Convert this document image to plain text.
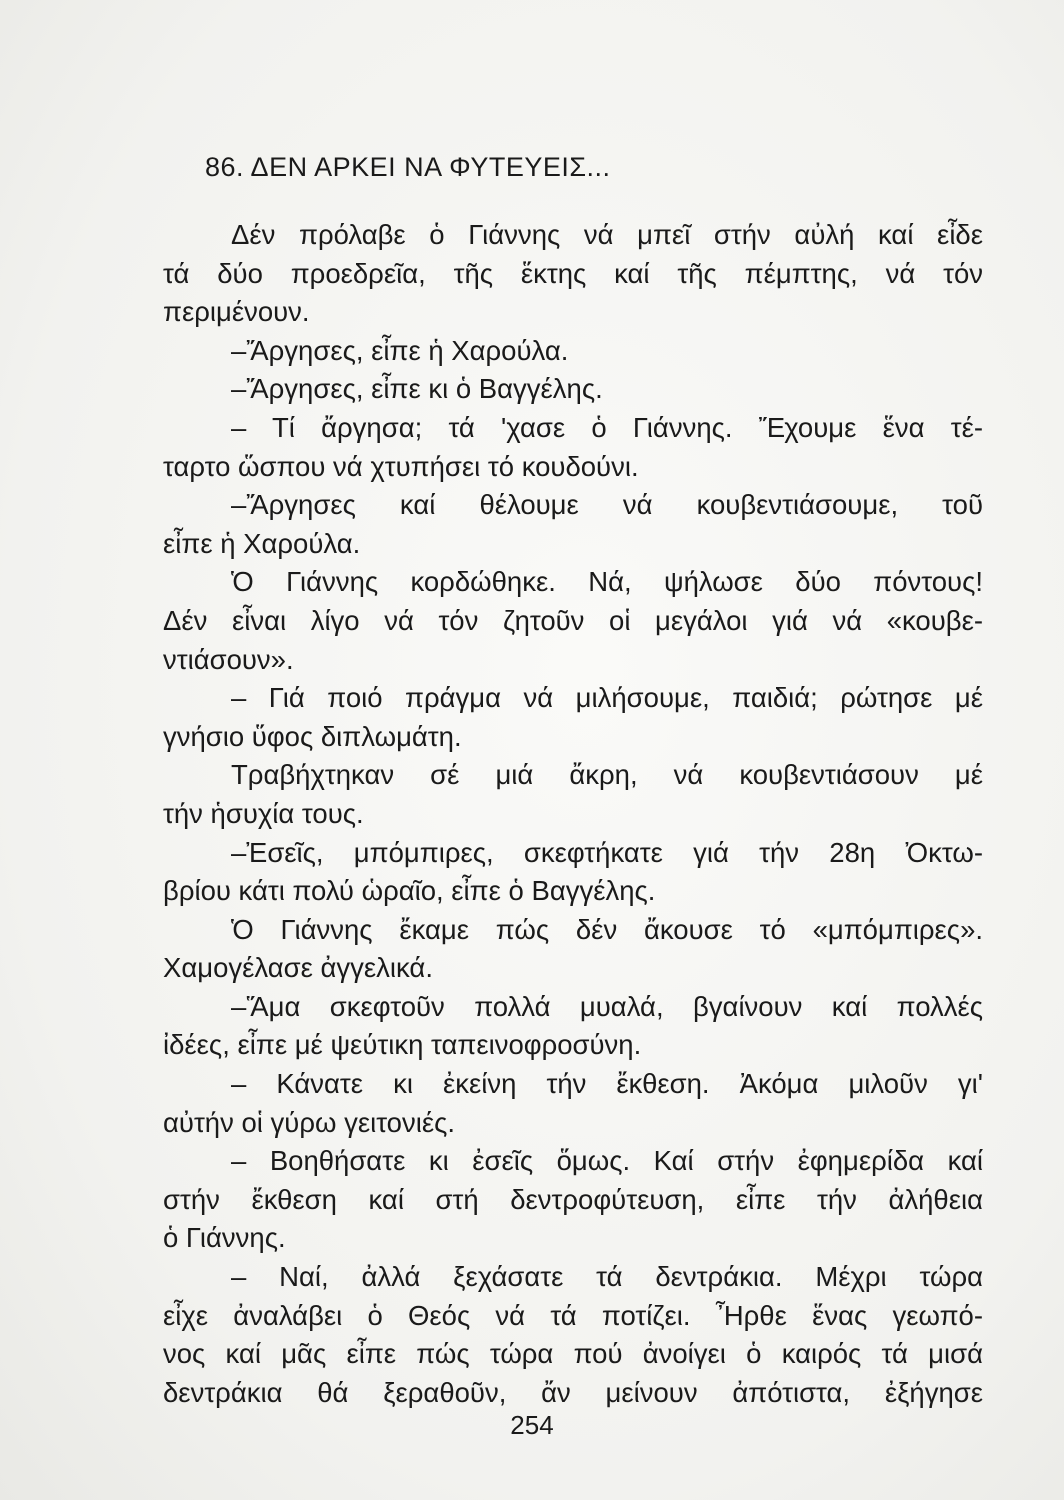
86. ΔΕΝ ΑΡΚΕΙ ΝΑ ΦΥΤΕΥΕΙΣ...
Δέν πρόλαβε ὁ Γιάννης νά μπεῖ στήν αὐλή καί εἶδε
τά δύο προεδρεῖα, τῆς ἕκτης καί τῆς πέμπτης, νά τόν
περιμένουν.
–Ἄργησες, εἶπε ἡ Χαρούλα.
–Ἄργησες, εἶπε κι ὁ Βαγγέλης.
– Τί ἄργησα; τά 'χασε ὁ Γιάννης. Ἔχουμε ἕνα τέ-
ταρτο ὥσπου νά χτυπήσει τό κουδούνι.
–Ἄργησες καί θέλουμε νά κουβεντιάσουμε, τοῦ
εἶπε ἡ Χαρούλα.
Ὁ Γιάννης κορδώθηκε. Νά, ψήλωσε δύο πόντους!
Δέν εἶναι λίγο νά τόν ζητοῦν οἱ μεγάλοι γιά νά «κουβε-
ντιάσουν».
– Γιά ποιό πράγμα νά μιλήσουμε, παιδιά; ρώτησε μέ
γνήσιο ὕφος διπλωμάτη.
Τραβήχτηκαν σέ μιά ἄκρη, νά κουβεντιάσουν μέ
τήν ἡσυχία τους.
–Ἐσεῖς, μπόμπιρες, σκεφτήκατε γιά τήν 28η Ὀκτω-
βρίου κάτι πολύ ὡραῖο, εἶπε ὁ Βαγγέλης.
Ὁ Γιάννης ἔκαμε πώς δέν ἄκουσε τό «μπόμπιρες».
Χαμογέλασε ἀγγελικά.
–Ἅμα σκεφτοῦν πολλά μυαλά, βγαίνουν καί πολλές
ἰδέες, εἶπε μέ ψεύτικη ταπεινοφροσύνη.
– Κάνατε κι ἐκείνη τήν ἔκθεση. Ἀκόμα μιλοῦν γι'
αὐτήν οἱ γύρω γειτονιές.
– Βοηθήσατε κι ἐσεῖς ὅμως. Καί στήν ἐφημερίδα καί
στήν ἔκθεση καί στή δεντροφύτευση, εἶπε τήν ἀλήθεια
ὁ Γιάννης.
– Ναί, ἀλλά ξεχάσατε τά δεντράκια. Μέχρι τώρα
εἶχε ἀναλάβει ὁ Θεός νά τά ποτίζει. Ἦρθε ἕνας γεωπό-
νος καί μᾶς εἶπε πώς τώρα πού ἀνοίγει ὁ καιρός τά μισά
δεντράκια θά ξεραθοῦν, ἄν μείνουν ἀπότιστα, ἐξήγησε
254
